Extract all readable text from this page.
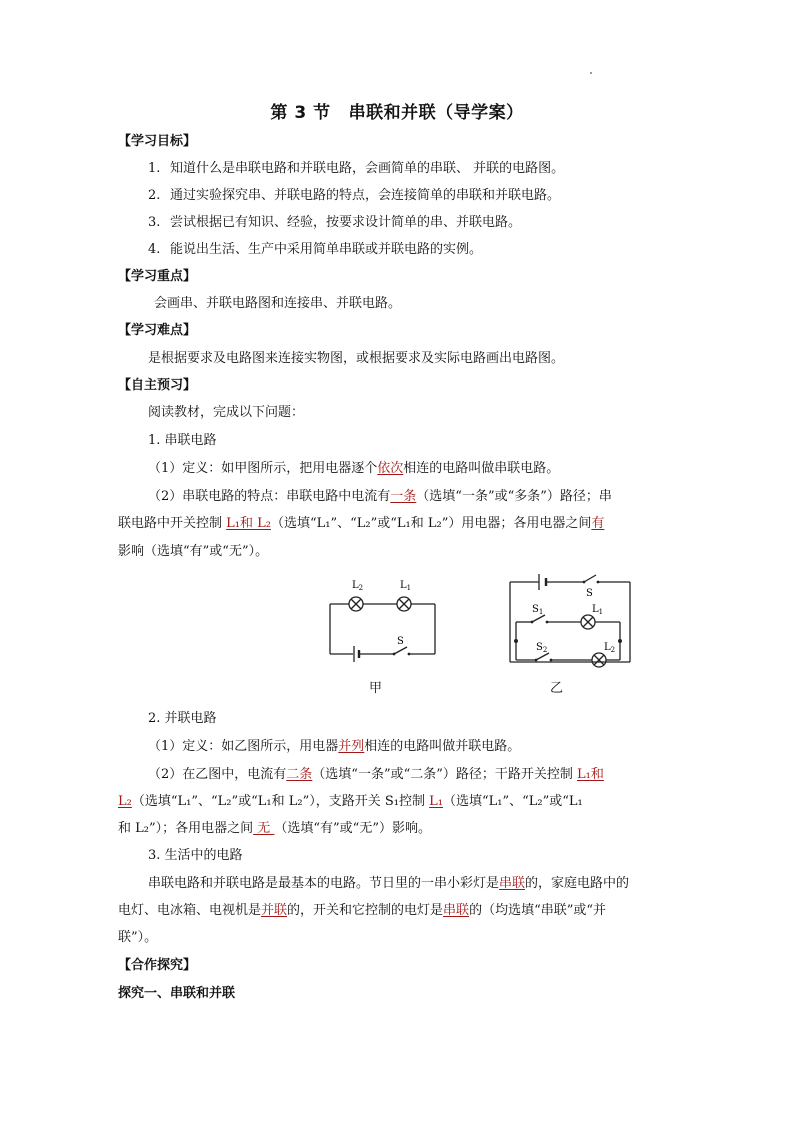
第 3 节 串联和并联（导学案）
【学习目标】
1. 知道什么是串联电路和并联电路，会画简单的串联、 并联的电路图。
2. 通过实验探究串、并联电路的特点，会连接简单的串联和并联电路。
3. 尝试根据已有知识、经验，按要求设计简单的串、并联电路。
4. 能说出生活、生产中采用简单串联或并联电路的实例。
【学习重点】
会画串、并联电路图和连接串、并联电路。
【学习难点】
是根据要求及电路图来连接实物图，或根据要求及实际电路画出电路图。
【自主预习】
阅读教材，完成以下问题：
1. 串联电路
（1）定义：如甲图所示，把用电器逐个依次相连的电路叫做串联电路。
（2）串联电路的特点：串联电路中电流有一条（选填“一条”或“多条”）路径；串
联电路中开关控制 L₁和 L₂（选填“L₁”、“L₂”或“L₁和 L₂”）用电器；各用电器之间有
影响（选填“有”或“无”）。
$L_2$	$L_1$
S
甲
S
$S_1$	$L_1$
$S_2$	$L_2$
乙
2. 并联电路
（1）定义：如乙图所示，用电器并列相连的电路叫做并联电路。
（2）在乙图中，电流有二条（选填“一条”或“二条”）路径；干路开关控制 L₁和
L₂（选填“L₁”、“L₂”或“L₁和 L₂”），支路开关 S₁控制 L₁（选填“L₁”、“L₂”或“L₁
和 L₂”）；各用电器之间 无 （选填“有”或“无”）影响。
3. 生活中的电路
串联电路和并联电路是最基本的电路。节日里的一串小彩灯是串联的，家庭电路中的
电灯、电冰箱、电视机是并联的，开关和它控制的电灯是串联的（均选填“串联”或“并
联”）。
【合作探究】
探究一、串联和并联
